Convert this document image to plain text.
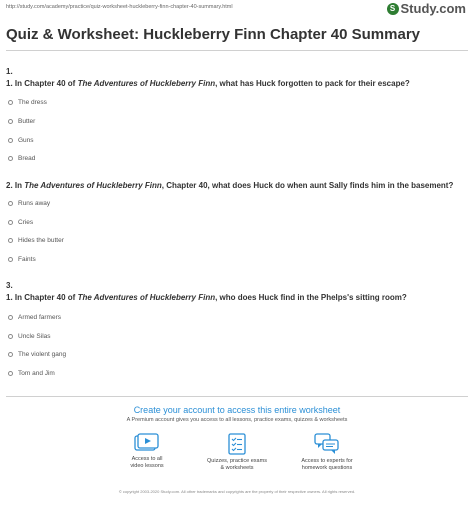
http://study.com/academy/practice/quiz-worksheet-huckleberry-finn-chapter-40-summary.html	S Study.com
Quiz & Worksheet: Huckleberry Finn Chapter 40 Summary
1.
1. In Chapter 40 of The Adventures of Huckleberry Finn, what has Huck forgotten to pack for their escape?
The dress
Butter
Guns
Bread
2. In The Adventures of Huckleberry Finn, Chapter 40, what does Huck do when aunt Sally finds him in the basement?
Runs away
Cries
Hides the butter
Faints
3.
1. In Chapter 40 of The Adventures of Huckleberry Finn, who does Huck find in the Phelps's sitting room?
Armed farmers
Uncle Silas
The violent gang
Tom and Jim
Create your account to access this entire worksheet
A Premium account gives you access to all lessons, practice exams, quizzes & worksheets
Access to all
video lessons
Quizzes, practice exams
& worksheets
Access to experts for
homework questions
© copyright 2003-2020 Study.com. All other trademarks and copyrights are the property of their respective owners. All rights reserved.
